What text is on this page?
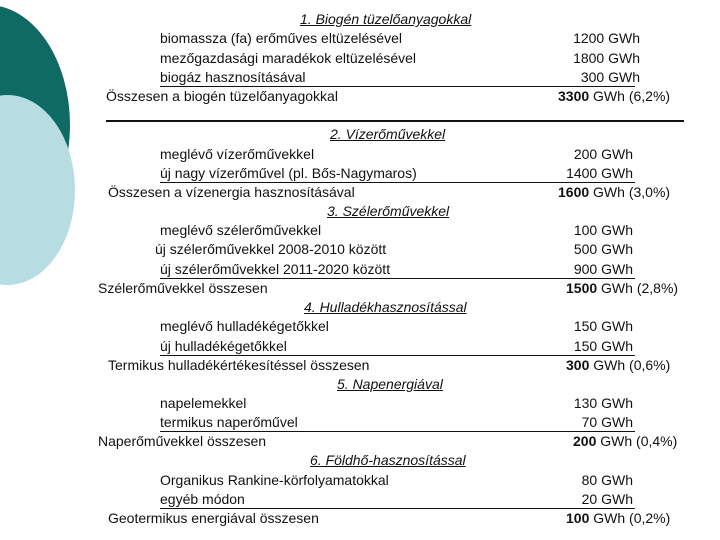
1. Biogén tüzelőanyagokkal
biomassza (fa) erőműves eltüzelésével	1200 GWh
mezőgazdasági maradékok eltüzelésével	1800 GWh
biogáz hasznosításával	300 GWh
Összesen a biogén tüzelőanyagokkal	3300 GWh (6,2%)
2. Vízerőművekkel
meglévő vízerőművekkel	200 GWh
új nagy vízerőművel (pl. Bős-Nagymaros)	1400 GWh
Összesen a vízenergia hasznosításával	1600 GWh (3,0%)
3. Szélerőművekkel
meglévő szélerőművekkel	100 GWh
új szélerőművekkel 2008-2010 között	500 GWh
új szélerőművekkel 2011-2020 között	900 GWh
Szélerőművekkel összesen	1500 GWh (2,8%)
4. Hulladékhasznosítással
meglévő hulladékégetőkkel	150 GWh
új hulladékégetőkkel	150 GWh
Termikus hulladékértékesítéssel összesen	300 GWh (0,6%)
5. Napenergiával
napelemekkel	130 GWh
termikus naperőművel	70 GWh
Naperőművekkel összesen	200 GWh (0,4%)
6. Földhő-hasznosítással
Organikus Rankine-körfolyamatokkal	80 GWh
egyéb módon	20 GWh
Geotermikus energiával összesen	100 GWh (0,2%)
